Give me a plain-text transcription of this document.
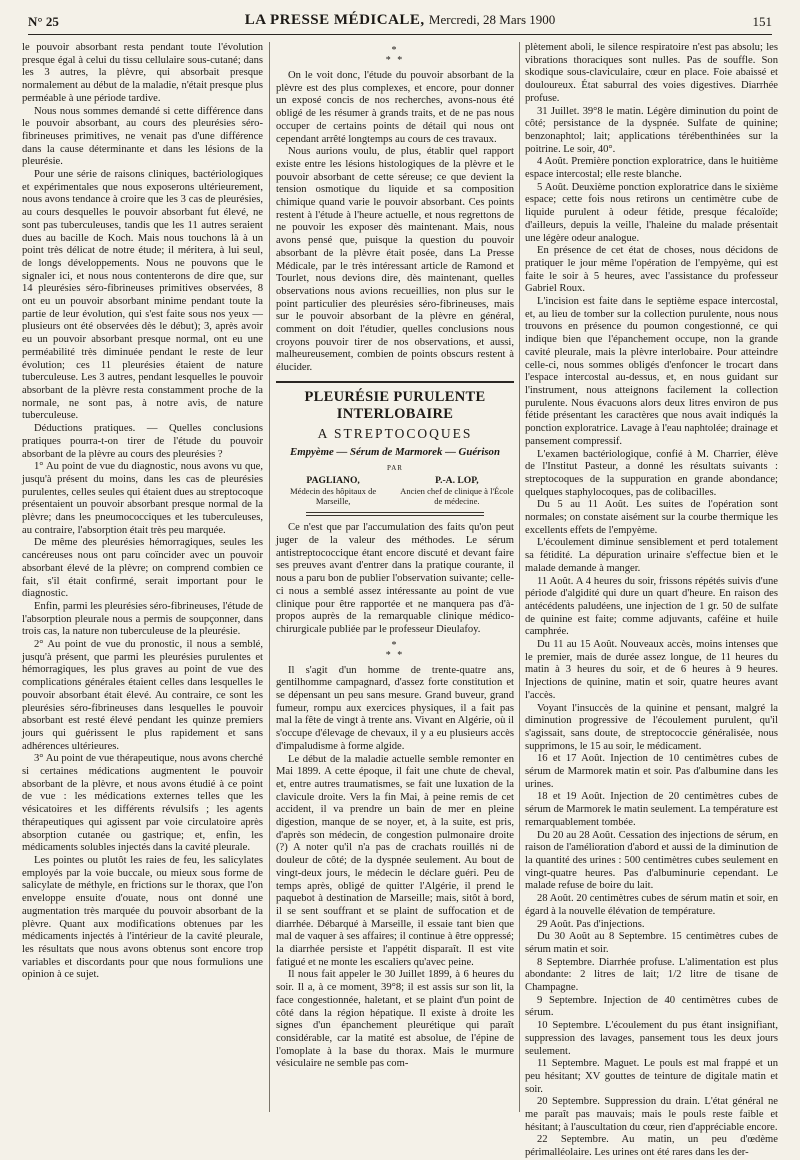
N° 25	LA PRESSE MÉDICALE, Mercredi, 28 Mars 1900	151

le pouvoir absorbant resta pendant toute l'évolution presque égal à celui du tissu cellulaire sous-cutané; dans les 3 autres, la plèvre, qui absorbait presque normalement au début de la maladie, n'était presque plus perméable à une période tardive.

Nous nous sommes demandé si cette différence dans le pouvoir absorbant, au cours des pleurésies séro-fibrineuses primitives, ne venait pas d'une différence dans la cause déterminante et dans les lésions de la pleurésie.

Pour une série de raisons cliniques, bactériologiques et expérimentales que nous exposerons ultérieurement, nous avons tendance à croire que les 3 cas de pleurésies, au cours desquelles le pouvoir absorbant fut élevé, ne sont pas tuberculeuses, tandis que les 11 autres seraient dues au bacille de Koch. Mais nous touchons là à un point très délicat de notre étude; il méritera, à lui seul, de longs développements. Nous ne pouvons que le signaler ici, et nous nous contenterons de dire que, sur 14 pleurésies séro-fibrineuses primitives observées, 8 ont eu un pouvoir absorbant minime pendant toute la partie de leur évolution, qui s'est faite sous nos yeux — plusieurs ont été observées dès le début); 3, après avoir eu un pouvoir absorbant presque normal, ont eu une perméabilité très diminuée pendant le reste de leur évolution; ces 11 pleurésies étaient de nature tuberculeuse. Les 3 autres, pendant lesquelles le pouvoir absorbant de la plèvre resta constamment proche de la normale, ne sont pas, à notre avis, de nature tuberculeuse.

Déductions pratiques. — Quelles conclusions pratiques pourra-t-on tirer de l'étude du pouvoir absorbant de la plèvre au cours des pleurésies ?

1° Au point de vue du diagnostic, nous avons vu que, jusqu'à présent du moins, dans les cas de pleurésies purulentes, celles seules qui étaient dues au streptocoque présentaient un pouvoir absorbant presque normal de la plèvre; dans les pneumococciques et les tuberculeuses, au contraire, l'absorption était très peu marquée.

De même des pleurésies hémorragiques, seules les cancéreuses nous ont paru coïncider avec un pouvoir absorbant élevé de la plèvre; on comprend combien ce fait, s'il était confirmé, serait important pour le diagnostic.

Enfin, parmi les pleurésies séro-fibrineuses, l'étude de l'absorption pleurale nous a permis de soupçonner, dans trois cas, la nature non tuberculeuse de la pleurésie.

2° Au point de vue du pronostic, il nous a semblé, jusqu'à présent, que parmi les pleurésies purulentes et hémorragiques, les plus graves au point de vue des complications générales étaient celles dans lesquelles le pouvoir absorbant était élevé. Au contraire, ce sont les pleurésies séro-fibrineuses dans lesquelles le pouvoir absorbant est resté élevé pendant les quinze premiers jours qui guérissent le plus rapidement et sans adhérences ultérieures.

3° Au point de vue thérapeutique, nous avons cherché si certaines médications augmentent le pouvoir absorbant de la plèvre, et nous avons étudié à ce point de vue : les médications externes telles que les vésicatoires et les différents révulsifs ; les agents thérapeutiques qui agissent par voie circulatoire après absorption cutanée ou gastrique; et, enfin, les médicaments solubles injectés dans la cavité pleurale.

Les pointes ou plutôt les raies de feu, les salicylates employés par la voie buccale, ou mieux sous forme de salicylate de méthyle, en frictions sur le thorax, que l'on enveloppe ensuite d'ouate, nous ont donné une augmentation très marquée du pouvoir absorbant de la plèvre. Quant aux modifications obtenues par les médicaments injectés à l'intérieur de la cavité pleurale, les résultats que nous avons obtenus sont encore trop variables et discordants pour que nous formulions une opinion à ce sujet.

*
* *

On le voit donc, l'étude du pouvoir absorbant de la plèvre est des plus complexes, et encore, pour donner un exposé concis de nos recherches, avons-nous été obligé de les résumer à grands traits, et de ne pas nous occuper de certains points de détail qui nous ont cependant arrêté longtemps au cours de ces travaux.

Nous aurions voulu, de plus, établir quel rapport existe entre les lésions histologiques de la plèvre et le pouvoir absorbant de cette séreuse; ce que devient la tension osmotique du liquide et sa composition chimique quand varie le pouvoir absorbant. Ces points restent à l'étude à l'heure actuelle, et nous regrettons de ne pouvoir les exposer dès maintenant. Mais, nous avons pensé que, puisque la question du pouvoir absorbant de la plèvre était posée, dans La Presse Médicale, par le très intéressant article de Ramond et Tourlet, nous devions dire, dès maintenant, quelles observations nous avions recueillies, non plus sur le point particulier des pleurésies séro-fibrineuses, mais sur le pouvoir absorbant de la plèvre en général, comment on doit l'étudier, quelles conclusions nous croyons pouvoir tirer de nos observations, et aussi, malheureusement, combien de points obscurs restent à élucider.

PLEURÉSIE PURULENTE INTERLOBAIRE
A STREPTOCOQUES
Empyème — Sérum de Marmorek — Guérison
PAR
PAGLIANO,
Médecin des hôpitaux de Marseille,
P.-A. LOP,
Ancien chef de clinique à l'École de médecine.

Ce n'est que par l'accumulation des faits qu'on peut juger de la valeur des méthodes. Le sérum antistreptococcique étant encore discuté et devant faire ses preuves avant d'entrer dans la pratique courante, il nous a paru bon de publier l'observation suivante; celle-ci nous a semblé assez intéressante au point de vue clinique pour être rapportée et ne manquera pas d'à-propos auprès de la remarquable clinique médico-chirurgicale publiée par le professeur Dieulafoy.

*
* *

Il s'agit d'un homme de trente-quatre ans, gentilhomme campagnard, d'assez forte constitution et se dépensant un peu sans mesure. Grand buveur, grand fumeur, rompu aux exercices physiques, il a fait pas mal la fête de vingt à trente ans. Vivant en Algérie, où il s'occupe d'élevage de chevaux, il y a eu plusieurs accès d'impaludisme à forme algide.

Le début de la maladie actuelle semble remonter en Mai 1899. A cette époque, il fait une chute de cheval, et, entre autres traumatismes, se fait une luxation de la clavicule droite. Vers la fin Mai, à peine remis de cet accident, il va prendre un bain de mer en pleine digestion, manque de se noyer, et, à la suite, est pris, d'après son médecin, de congestion pulmonaire droite (?) A noter qu'il n'a pas de crachats rouillés ni de douleur de côté; de la dyspnée seulement. Au bout de vingt-deux jours, le médecin le déclare guéri. Peu de temps après, obligé de quitter l'Algérie, il prend le paquebot à destination de Marseille; mais, sitôt à bord, il se sent souffrant et se plaint de suffocation et de diarrhée. Débarqué à Marseille, il essaie tant bien que mal de vaquer à ses affaires; il continue à être oppressé; la diarrhée persiste et l'appétit disparaît. Il est vite fatigué et ne monte les escaliers qu'avec peine.

Il nous fait appeler le 30 Juillet 1899, à 6 heures du soir. Il a, à ce moment, 39°8; il est assis sur son lit, la face congestionnée, haletant, et se plaint d'un point de côté dans la région hépatique. Il existe à droite les signes d'un épanchement pleurétique qui paraît considérable, car la matité est absolue, de l'épine de l'omoplate à la base du thorax. Mais le murmure vésiculaire ne semble pas com-

plètement aboli, le silence respiratoire n'est pas absolu; les vibrations thoraciques sont nulles. Pas de souffle. Son skodique sous-claviculaire, cœur en place. Foie abaissé et douloureux. État saburral des voies digestives. Diarrhée profuse.

31 Juillet. 39°8 le matin. Légère diminution du point de côté; persistance de la dyspnée. Sulfate de quinine; benzonaphtol; lait; applications térébenthinées sur la poitrine. Le soir, 40°.

4 Août. Première ponction exploratrice, dans le huitième espace intercostal; elle reste blanche.

5 Août. Deuxième ponction exploratrice dans le sixième espace; cette fois nous retirons un centimètre cube de liquide purulent à odeur fétide, presque fécaloïde; d'ailleurs, depuis la veille, l'haleine du malade présentait une légère odeur analogue.

En présence de cet état de choses, nous décidons de pratiquer le jour même l'opération de l'empyème, qui est faite le soir à 5 heures, avec l'assistance du professeur Gabriel Roux.

L'incision est faite dans le septième espace intercostal, et, au lieu de tomber sur la collection purulente, nous nous trouvons en présence du poumon congestionné, ce qui indique bien que l'épanchement occupe, non la grande cavité pleurale, mais la plèvre interlobaire. Pour atteindre celle-ci, nous sommes obligés d'enfoncer le trocart dans l'espace intercostal au-dessus, et, en nous guidant sur l'instrument, nous atteignons facilement la collection purulente. Nous évacuons alors deux litres environ de pus fétide présentant les caractères que nous avait indiqués la ponction exploratrice. Lavage à l'eau naphtolée; drainage et pansement compressif.

L'examen bactériologique, confié à M. Charrier, élève de l'Institut Pasteur, a donné les résultats suivants : streptocoques de la suppuration en grande abondance; quelques staphylocoques, pas de colibacilles.

Du 5 au 11 Août. Les suites de l'opération sont normales; on constate aisément sur la courbe thermique les excellents effets de l'empyème.

L'écoulement diminue sensiblement et perd totalement sa fétidité. La dépuration urinaire s'effectue bien et le malade demande à manger.

11 Août. A 4 heures du soir, frissons répétés suivis d'une période d'algidité qui dure un quart d'heure. En raison des antécédents paludéens, une injection de 1 gr. 50 de sulfate de quinine est faite; comme adjuvants, caféine et huile camphrée.

Du 11 au 15 Août. Nouveaux accès, moins intenses que le premier, mais de durée assez longue, de 11 heures du matin à 3 heures du soir, et de 6 heures à 9 heures. Injections de quinine, matin et soir, quatre heures avant l'accès.

Voyant l'insuccès de la quinine et pensant, malgré la diminution progressive de l'écoulement purulent, qu'il s'agissait, sans doute, de streptococcie généralisée, nous supprimons, le 15 au soir, le médicament.

16 et 17 Août. Injection de 10 centimètres cubes de sérum de Marmorek matin et soir. Pas d'albumine dans les urines.

18 et 19 Août. Injection de 20 centimètres cubes de sérum de Marmorek le matin seulement. La température est remarquablement tombée.

Du 20 au 28 Août. Cessation des injections de sérum, en raison de l'amélioration d'abord et aussi de la diminution de la quantité des urines : 500 centimètres cubes seulement en vingt-quatre heures. Pas d'albuminurie cependant. Le malade refuse de boire du lait.

28 Août. 20 centimètres cubes de sérum matin et soir, en égard à la nouvelle élévation de température.

29 Août. Pas d'injections.

Du 30 Août au 8 Septembre. 15 centimètres cubes de sérum matin et soir.

8 Septembre. Diarrhée profuse. L'alimentation est plus abondante: 2 litres de lait; 1/2 litre de tisane de Champagne.

9 Septembre. Injection de 40 centimètres cubes de sérum.

10 Septembre. L'écoulement du pus étant insignifiant, suppression des lavages, pansement tous les deux jours seulement.

11 Septembre. Maguet. Le pouls est mal frappé et un peu hésitant; XV gouttes de teinture de digitale matin et soir.

20 Septembre. Suppression du drain. L'état général ne me paraît pas mauvais; mais le pouls reste faible et hésitant; à l'auscultation du cœur, rien d'appréciable encore.

22 Septembre. Au matin, un peu d'œdème périmalléolaire. Les urines ont été rares dans les der-
